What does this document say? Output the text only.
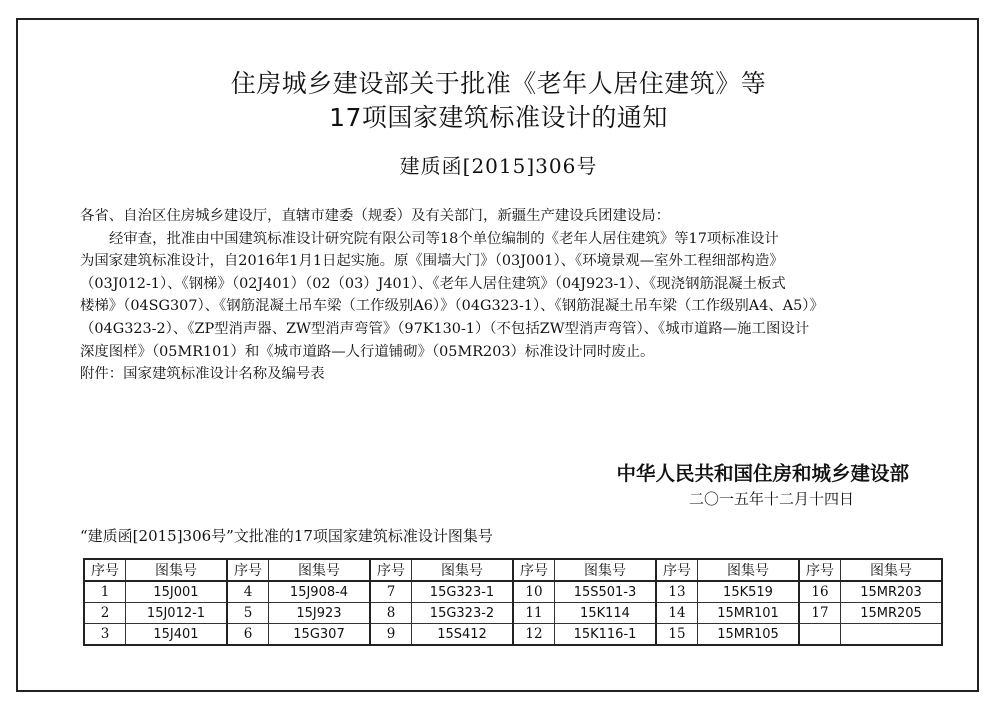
住房城乡建设部关于批准《老年人居住建筑》等
17项国家建筑标准设计的通知
建质函[2015]306号
各省、自治区住房城乡建设厅，直辖市建委（规委）及有关部门，新疆生产建设兵团建设局：
经审查，批准由中国建筑标准设计研究院有限公司等18个单位编制的《老年人居住建筑》等17项标准设计
为国家建筑标准设计，自2016年1月1日起实施。原《围墙大门》（03J001）、《环境景观—室外工程细部构造》
（03J012-1）、《钢梯》（02J401）（02（03）J401）、《老年人居住建筑》（04J923-1）、《现浇钢筋混凝土板式
楼梯》（04SG307）、《钢筋混凝土吊车梁（工作级别A6）》（04G323-1）、《钢筋混凝土吊车梁（工作级别A4、A5）》
（04G323-2）、《ZP型消声器、ZW型消声弯管》（97K130-1）（不包括ZW型消声弯管）、《城市道路—施工图设计
深度图样》（05MR101）和《城市道路—人行道铺砌》（05MR203）标准设计同时废止。
附件：国家建筑标准设计名称及编号表
中华人民共和国住房和城乡建设部
二〇一五年十二月十四日
“建质函[2015]306号”文批准的17项国家建筑标准设计图集号
序号	图集号	序号	图集号	序号	图集号	序号	图集号	序号	图集号	序号	图集号
1	15J001	4	15J908-4	7	15G323-1	10	15S501-3	13	15K519	16	15MR203
2	15J012-1	5	15J923	8	15G323-2	11	15K114	14	15MR101	17	15MR205
3	15J401	6	15G307	9	15S412	12	15K116-1	15	15MR105		
